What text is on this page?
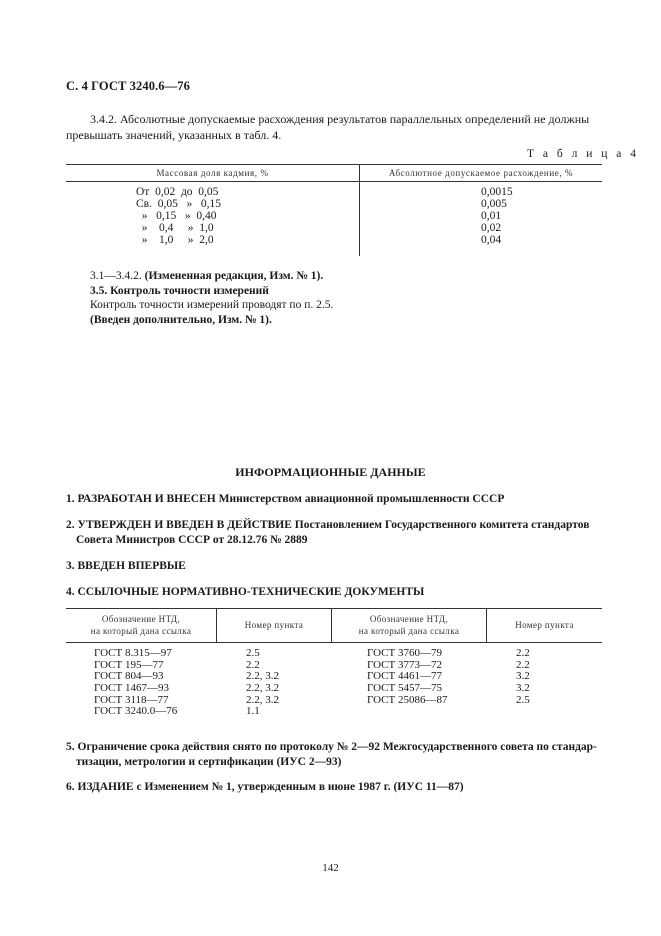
С. 4 ГОСТ 3240.6—76
3.4.2. Абсолютные допускаемые расхождения результатов параллельных определений не должны превышать значений, указанных в табл. 4.
Т а б л и ц а 4
Массовая доля кадмия, %	Абсолютное допускаемое расхождение, %
От  0,02  до  0,05
Св.  0,05   »   0,15
»   0,15   »  0,40
»    0,4     »  1,0
»    1,0     »  2,0
0,0015
0,005
0,01
0,02
0,04
3.1—3.4.2. (Измененная редакция, Изм. № 1).
3.5. Контроль точности измерений
Контроль точности измерений проводят по п. 2.5.
(Введен дополнительно, Изм. № 1).
ИНФОРМАЦИОННЫЕ ДАННЫЕ
1. РАЗРАБОТАН И ВНЕСЕН Министерством авиационной промышленности СССР
2. УТВЕРЖДЕН И ВВЕДЕН В ДЕЙСТВИЕ Постановлением Государственного комитета стандартов
Совета Министров СССР от 28.12.76 № 2889
3. ВВЕДЕН ВПЕРВЫЕ
4. ССЫЛОЧНЫЕ НОРМАТИВНО-ТЕХНИЧЕСКИЕ ДОКУМЕНТЫ
Обозначение НТД,
на который дана ссылка
Номер пункта
Обозначение НТД,
на который дана ссылка
Номер пункта
ГОСТ 8.315—97
ГОСТ 195—77
ГОСТ 804—93
ГОСТ 1467—93
ГОСТ 3118—77
ГОСТ 3240.0—76
2.5
2.2
2.2, 3.2
2.2, 3.2
2.2, 3.2
1.1
ГОСТ 3760—79
ГОСТ 3773—72
ГОСТ 4461—77
ГОСТ 5457—75
ГОСТ 25086—87
2.2
2.2
3.2
3.2
2.5
5. Ограничение срока действия снято по протоколу № 2—92 Межгосударственного совета по стандар-
тизации, метрологии и сертификации (ИУС 2—93)
6. ИЗДАНИЕ с Изменением № 1, утвержденным в июне 1987 г. (ИУС 11—87)
142
